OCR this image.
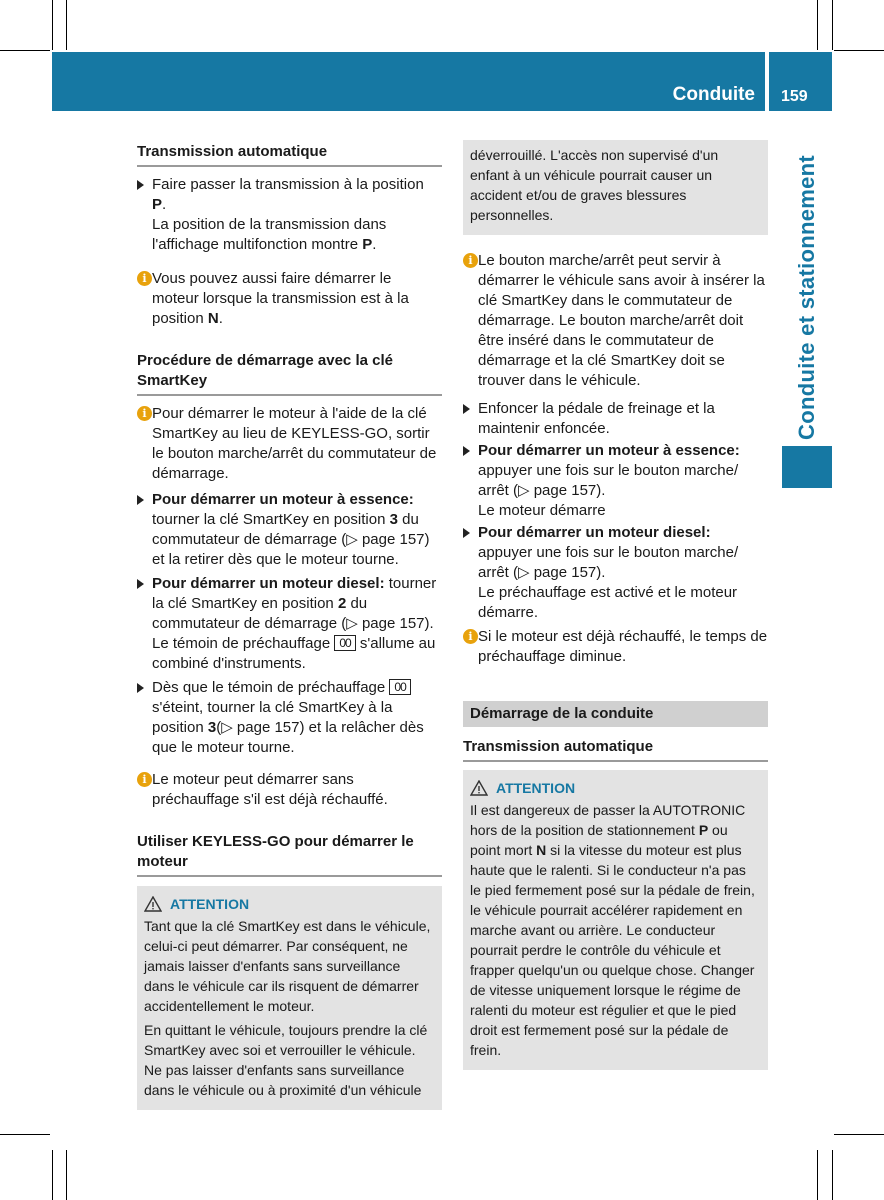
Conduite 159
Conduite et stationnement
Transmission automatique
Faire passer la transmission à la position P.
La position de la transmission dans l'affichage multifonction montre P.
i Vous pouvez aussi faire démarrer le moteur lorsque la transmission est à la position N.
Procédure de démarrage avec la clé SmartKey
i Pour démarrer le moteur à l'aide de la clé SmartKey au lieu de KEYLESS-GO, sortir le bouton marche/arrêt du commutateur de démarrage.
Pour démarrer un moteur à essence: tourner la clé SmartKey en position 3 du commutateur de démarrage (▷ page 157) et la retirer dès que le moteur tourne.
Pour démarrer un moteur diesel: tourner la clé SmartKey en position 2 du commutateur de démarrage (▷ page 157). Le témoin de préchauffage 00 s'allume au combiné d'instruments.
Dès que le témoin de préchauffage 00 s'éteint, tourner la clé SmartKey à la position 3(▷ page 157) et la relâcher dès que le moteur tourne.
i Le moteur peut démarrer sans préchauffage s'il est déjà réchauffé.
Utiliser KEYLESS-GO pour démarrer le moteur
ATTENTION

Tant que la clé SmartKey est dans le véhicule, celui-ci peut démarrer. Par conséquent, ne jamais laisser d'enfants sans surveillance dans le véhicule car ils risquent de démarrer accidentellement le moteur.

En quittant le véhicule, toujours prendre la clé SmartKey avec soi et verrouiller le véhicule. Ne pas laisser d'enfants sans surveillance dans le véhicule ou à proximité d'un véhicule

déverrouillé. L'accès non supervisé d'un enfant à un véhicule pourrait causer un accident et/ou de graves blessures personnelles.

i Le bouton marche/arrêt peut servir à démarrer le véhicule sans avoir à insérer la clé SmartKey dans le commutateur de démarrage. Le bouton marche/arrêt doit être inséré dans le commutateur de démarrage et la clé SmartKey doit se trouver dans le véhicule.
Enfoncer la pédale de freinage et la maintenir enfoncée.
Pour démarrer un moteur à essence: appuyer une fois sur le bouton marche/ arrêt (▷ page 157).
Le moteur démarre
Pour démarrer un moteur diesel: appuyer une fois sur le bouton marche/ arrêt (▷ page 157).
Le préchauffage est activé et le moteur démarre.
i Si le moteur est déjà réchauffé, le temps de préchauffage diminue.
Démarrage de la conduite
Transmission automatique
ATTENTION

Il est dangereux de passer la AUTOTRONIC hors de la position de stationnement P ou point mort N si la vitesse du moteur est plus haute que le ralenti. Si le conducteur n'a pas le pied fermement posé sur la pédale de frein, le véhicule pourrait accélérer rapidement en marche avant ou arrière. Le conducteur pourrait perdre le contrôle du véhicule et frapper quelqu'un ou quelque chose. Changer de vitesse uniquement lorsque le régime de ralenti du moteur est régulier et que le pied droit est fermement posé sur la pédale de frein.
